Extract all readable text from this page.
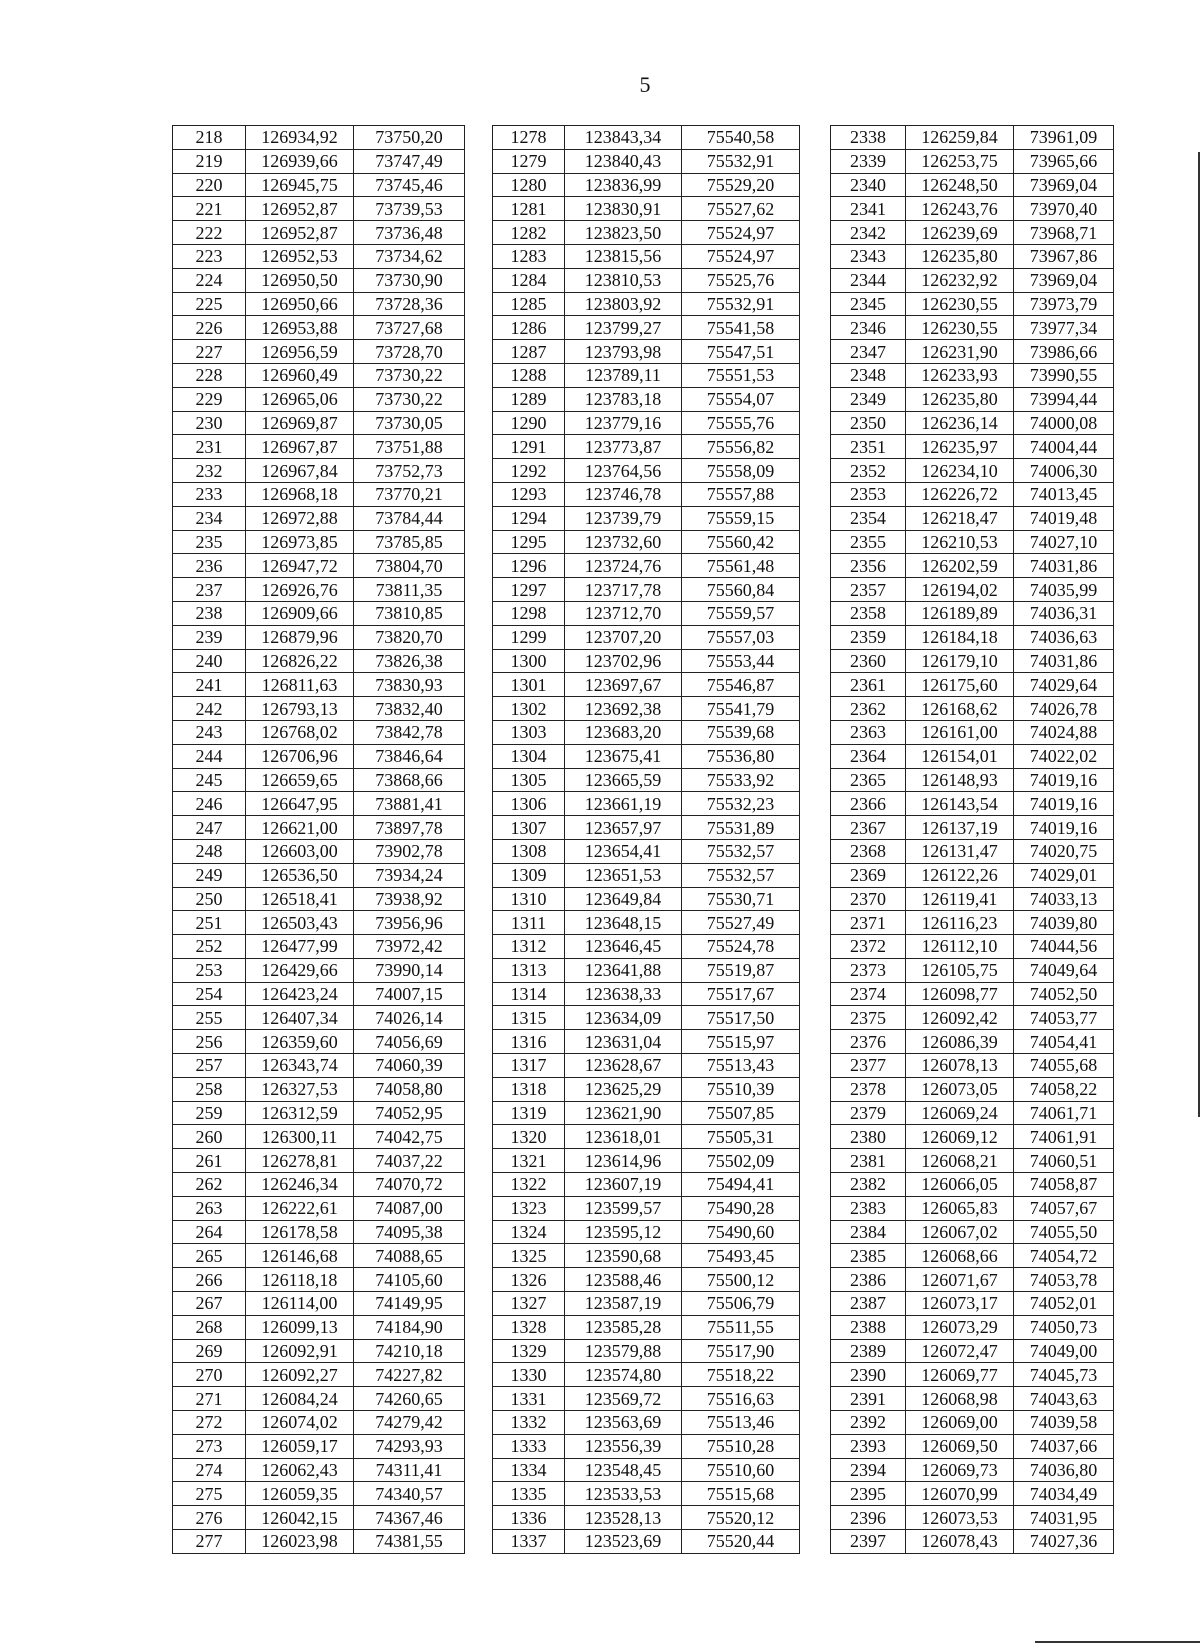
5
218	126934,92	73750,20		1278	123843,34	75540,58		2338	126259,84	73961,09
219	126939,66	73747,49		1279	123840,43	75532,91		2339	126253,75	73965,66
220	126945,75	73745,46		1280	123836,99	75529,20		2340	126248,50	73969,04
221	126952,87	73739,53		1281	123830,91	75527,62		2341	126243,76	73970,40
222	126952,87	73736,48		1282	123823,50	75524,97		2342	126239,69	73968,71
223	126952,53	73734,62		1283	123815,56	75524,97		2343	126235,80	73967,86
224	126950,50	73730,90		1284	123810,53	75525,76		2344	126232,92	73969,04
225	126950,66	73728,36		1285	123803,92	75532,91		2345	126230,55	73973,79
226	126953,88	73727,68		1286	123799,27	75541,58		2346	126230,55	73977,34
227	126956,59	73728,70		1287	123793,98	75547,51		2347	126231,90	73986,66
228	126960,49	73730,22		1288	123789,11	75551,53		2348	126233,93	73990,55
229	126965,06	73730,22		1289	123783,18	75554,07		2349	126235,80	73994,44
230	126969,87	73730,05		1290	123779,16	75555,76		2350	126236,14	74000,08
231	126967,87	73751,88		1291	123773,87	75556,82		2351	126235,97	74004,44
232	126967,84	73752,73		1292	123764,56	75558,09		2352	126234,10	74006,30
233	126968,18	73770,21		1293	123746,78	75557,88		2353	126226,72	74013,45
234	126972,88	73784,44		1294	123739,79	75559,15		2354	126218,47	74019,48
235	126973,85	73785,85		1295	123732,60	75560,42		2355	126210,53	74027,10
236	126947,72	73804,70		1296	123724,76	75561,48		2356	126202,59	74031,86
237	126926,76	73811,35		1297	123717,78	75560,84		2357	126194,02	74035,99
238	126909,66	73810,85		1298	123712,70	75559,57		2358	126189,89	74036,31
239	126879,96	73820,70		1299	123707,20	75557,03		2359	126184,18	74036,63
240	126826,22	73826,38		1300	123702,96	75553,44		2360	126179,10	74031,86
241	126811,63	73830,93		1301	123697,67	75546,87		2361	126175,60	74029,64
242	126793,13	73832,40		1302	123692,38	75541,79		2362	126168,62	74026,78
243	126768,02	73842,78		1303	123683,20	75539,68		2363	126161,00	74024,88
244	126706,96	73846,64		1304	123675,41	75536,80		2364	126154,01	74022,02
245	126659,65	73868,66		1305	123665,59	75533,92		2365	126148,93	74019,16
246	126647,95	73881,41		1306	123661,19	75532,23		2366	126143,54	74019,16
247	126621,00	73897,78		1307	123657,97	75531,89		2367	126137,19	74019,16
248	126603,00	73902,78		1308	123654,41	75532,57		2368	126131,47	74020,75
249	126536,50	73934,24		1309	123651,53	75532,57		2369	126122,26	74029,01
250	126518,41	73938,92		1310	123649,84	75530,71		2370	126119,41	74033,13
251	126503,43	73956,96		1311	123648,15	75527,49		2371	126116,23	74039,80
252	126477,99	73972,42		1312	123646,45	75524,78		2372	126112,10	74044,56
253	126429,66	73990,14		1313	123641,88	75519,87		2373	126105,75	74049,64
254	126423,24	74007,15		1314	123638,33	75517,67		2374	126098,77	74052,50
255	126407,34	74026,14		1315	123634,09	75517,50		2375	126092,42	74053,77
256	126359,60	74056,69		1316	123631,04	75515,97		2376	126086,39	74054,41
257	126343,74	74060,39		1317	123628,67	75513,43		2377	126078,13	74055,68
258	126327,53	74058,80		1318	123625,29	75510,39		2378	126073,05	74058,22
259	126312,59	74052,95		1319	123621,90	75507,85		2379	126069,24	74061,71
260	126300,11	74042,75		1320	123618,01	75505,31		2380	126069,12	74061,91
261	126278,81	74037,22		1321	123614,96	75502,09		2381	126068,21	74060,51
262	126246,34	74070,72		1322	123607,19	75494,41		2382	126066,05	74058,87
263	126222,61	74087,00		1323	123599,57	75490,28		2383	126065,83	74057,67
264	126178,58	74095,38		1324	123595,12	75490,60		2384	126067,02	74055,50
265	126146,68	74088,65		1325	123590,68	75493,45		2385	126068,66	74054,72
266	126118,18	74105,60		1326	123588,46	75500,12		2386	126071,67	74053,78
267	126114,00	74149,95		1327	123587,19	75506,79		2387	126073,17	74052,01
268	126099,13	74184,90		1328	123585,28	75511,55		2388	126073,29	74050,73
269	126092,91	74210,18		1329	123579,88	75517,90		2389	126072,47	74049,00
270	126092,27	74227,82		1330	123574,80	75518,22		2390	126069,77	74045,73
271	126084,24	74260,65		1331	123569,72	75516,63		2391	126068,98	74043,63
272	126074,02	74279,42		1332	123563,69	75513,46		2392	126069,00	74039,58
273	126059,17	74293,93		1333	123556,39	75510,28		2393	126069,50	74037,66
274	126062,43	74311,41		1334	123548,45	75510,60		2394	126069,73	74036,80
275	126059,35	74340,57		1335	123533,53	75515,68		2395	126070,99	74034,49
276	126042,15	74367,46		1336	123528,13	75520,12		2396	126073,53	74031,95
277	126023,98	74381,55		1337	123523,69	75520,44		2397	126078,43	74027,36
